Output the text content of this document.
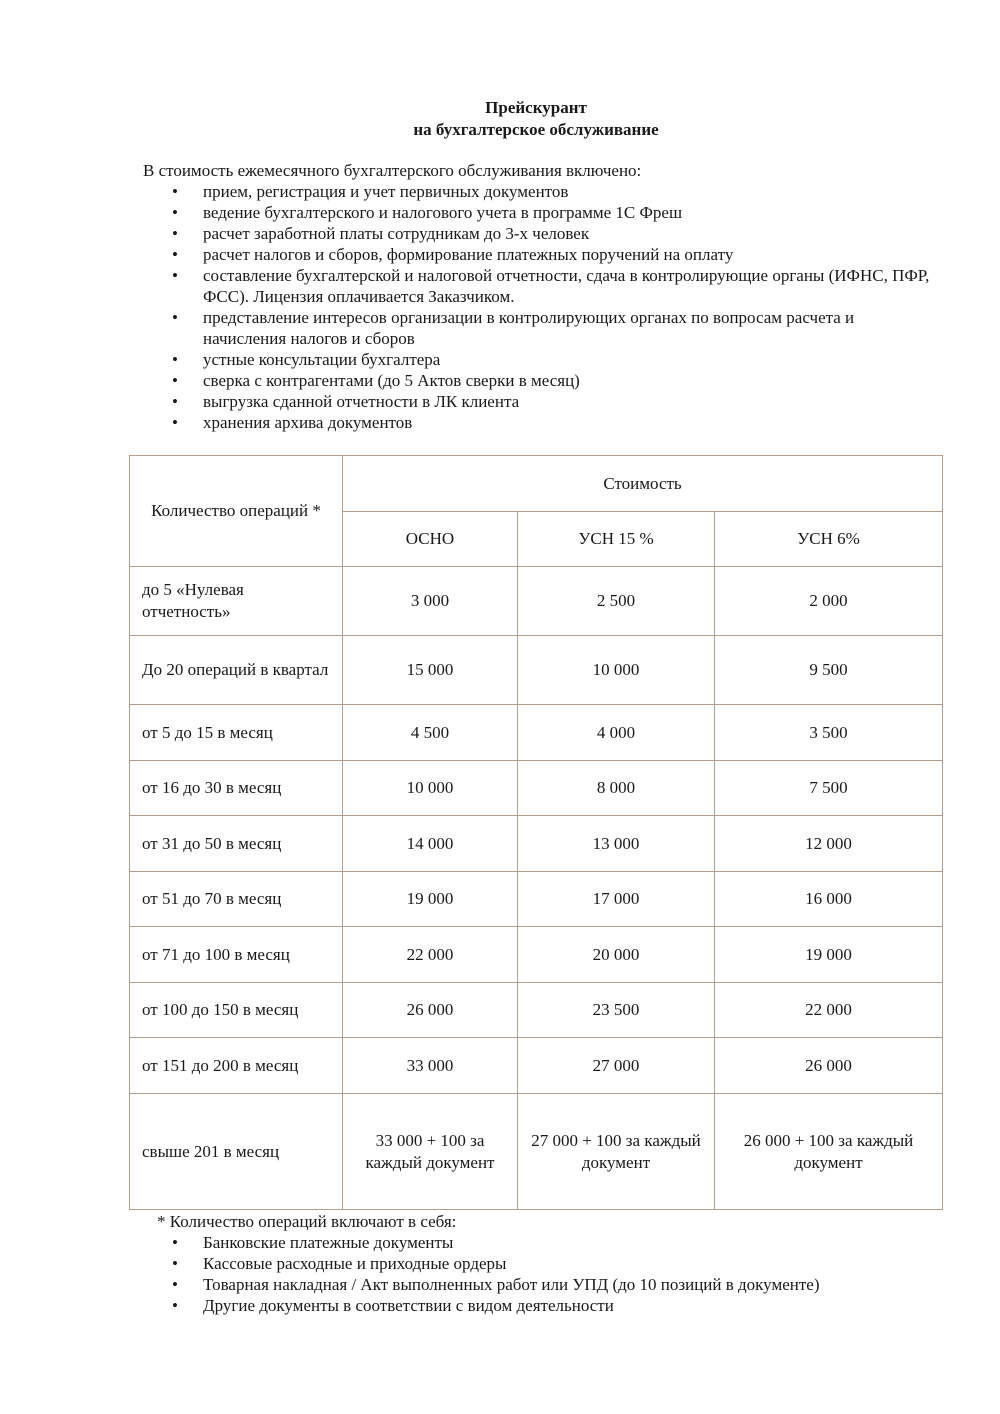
Прейскурант
на бухгалтерское обслуживание
В стоимость ежемесячного бухгалтерского обслуживания включено:
• прием, регистрация и учет первичных документов
• ведение бухгалтерского и налогового учета в программе 1С Фреш
• расчет заработной платы сотрудникам до 3-х человек
• расчет налогов и сборов, формирование платежных поручений на оплату
• составление бухгалтерской и налоговой отчетности, сдача в контролирующие органы (ИФНС, ПФР, ФСС). Лицензия оплачивается Заказчиком.
• представление интересов организации в контролирующих органах по вопросам расчета и начисления налогов и сборов
• устные консультации бухгалтера
• сверка с контрагентами (до 5 Актов сверки в месяц)
• выгрузка сданной отчетности в ЛК клиента
• хранения архива документов
Количество операций *	Стоимость		
	ОСНО	УСН 15 %	УСН 6%
до 5 «Нулевая отчетность»	3 000	2 500	2 000
До 20 операций в квартал	15 000	10 000	9 500
от 5 до 15 в месяц	4 500	4 000	3 500
от 16 до 30 в месяц	10 000	8 000	7 500
от 31 до 50 в месяц	14 000	13 000	12 000
от 51 до 70 в месяц	19 000	17 000	16 000
от 71 до 100 в месяц	22 000	20 000	19 000
от 100 до 150 в месяц	26 000	23 500	22 000
от 151 до 200 в месяц	33 000	27 000	26 000
свыше 201 в месяц	33 000 + 100 за каждый документ	27 000 + 100 за каждый документ	26 000 + 100 за каждый документ
* Количество операций включают в себя:
• Банковские платежные документы
• Кассовые расходные и приходные ордеры
• Товарная накладная / Акт выполненных работ или УПД (до 10 позиций в документе)
• Другие документы в соответствии с видом деятельности
